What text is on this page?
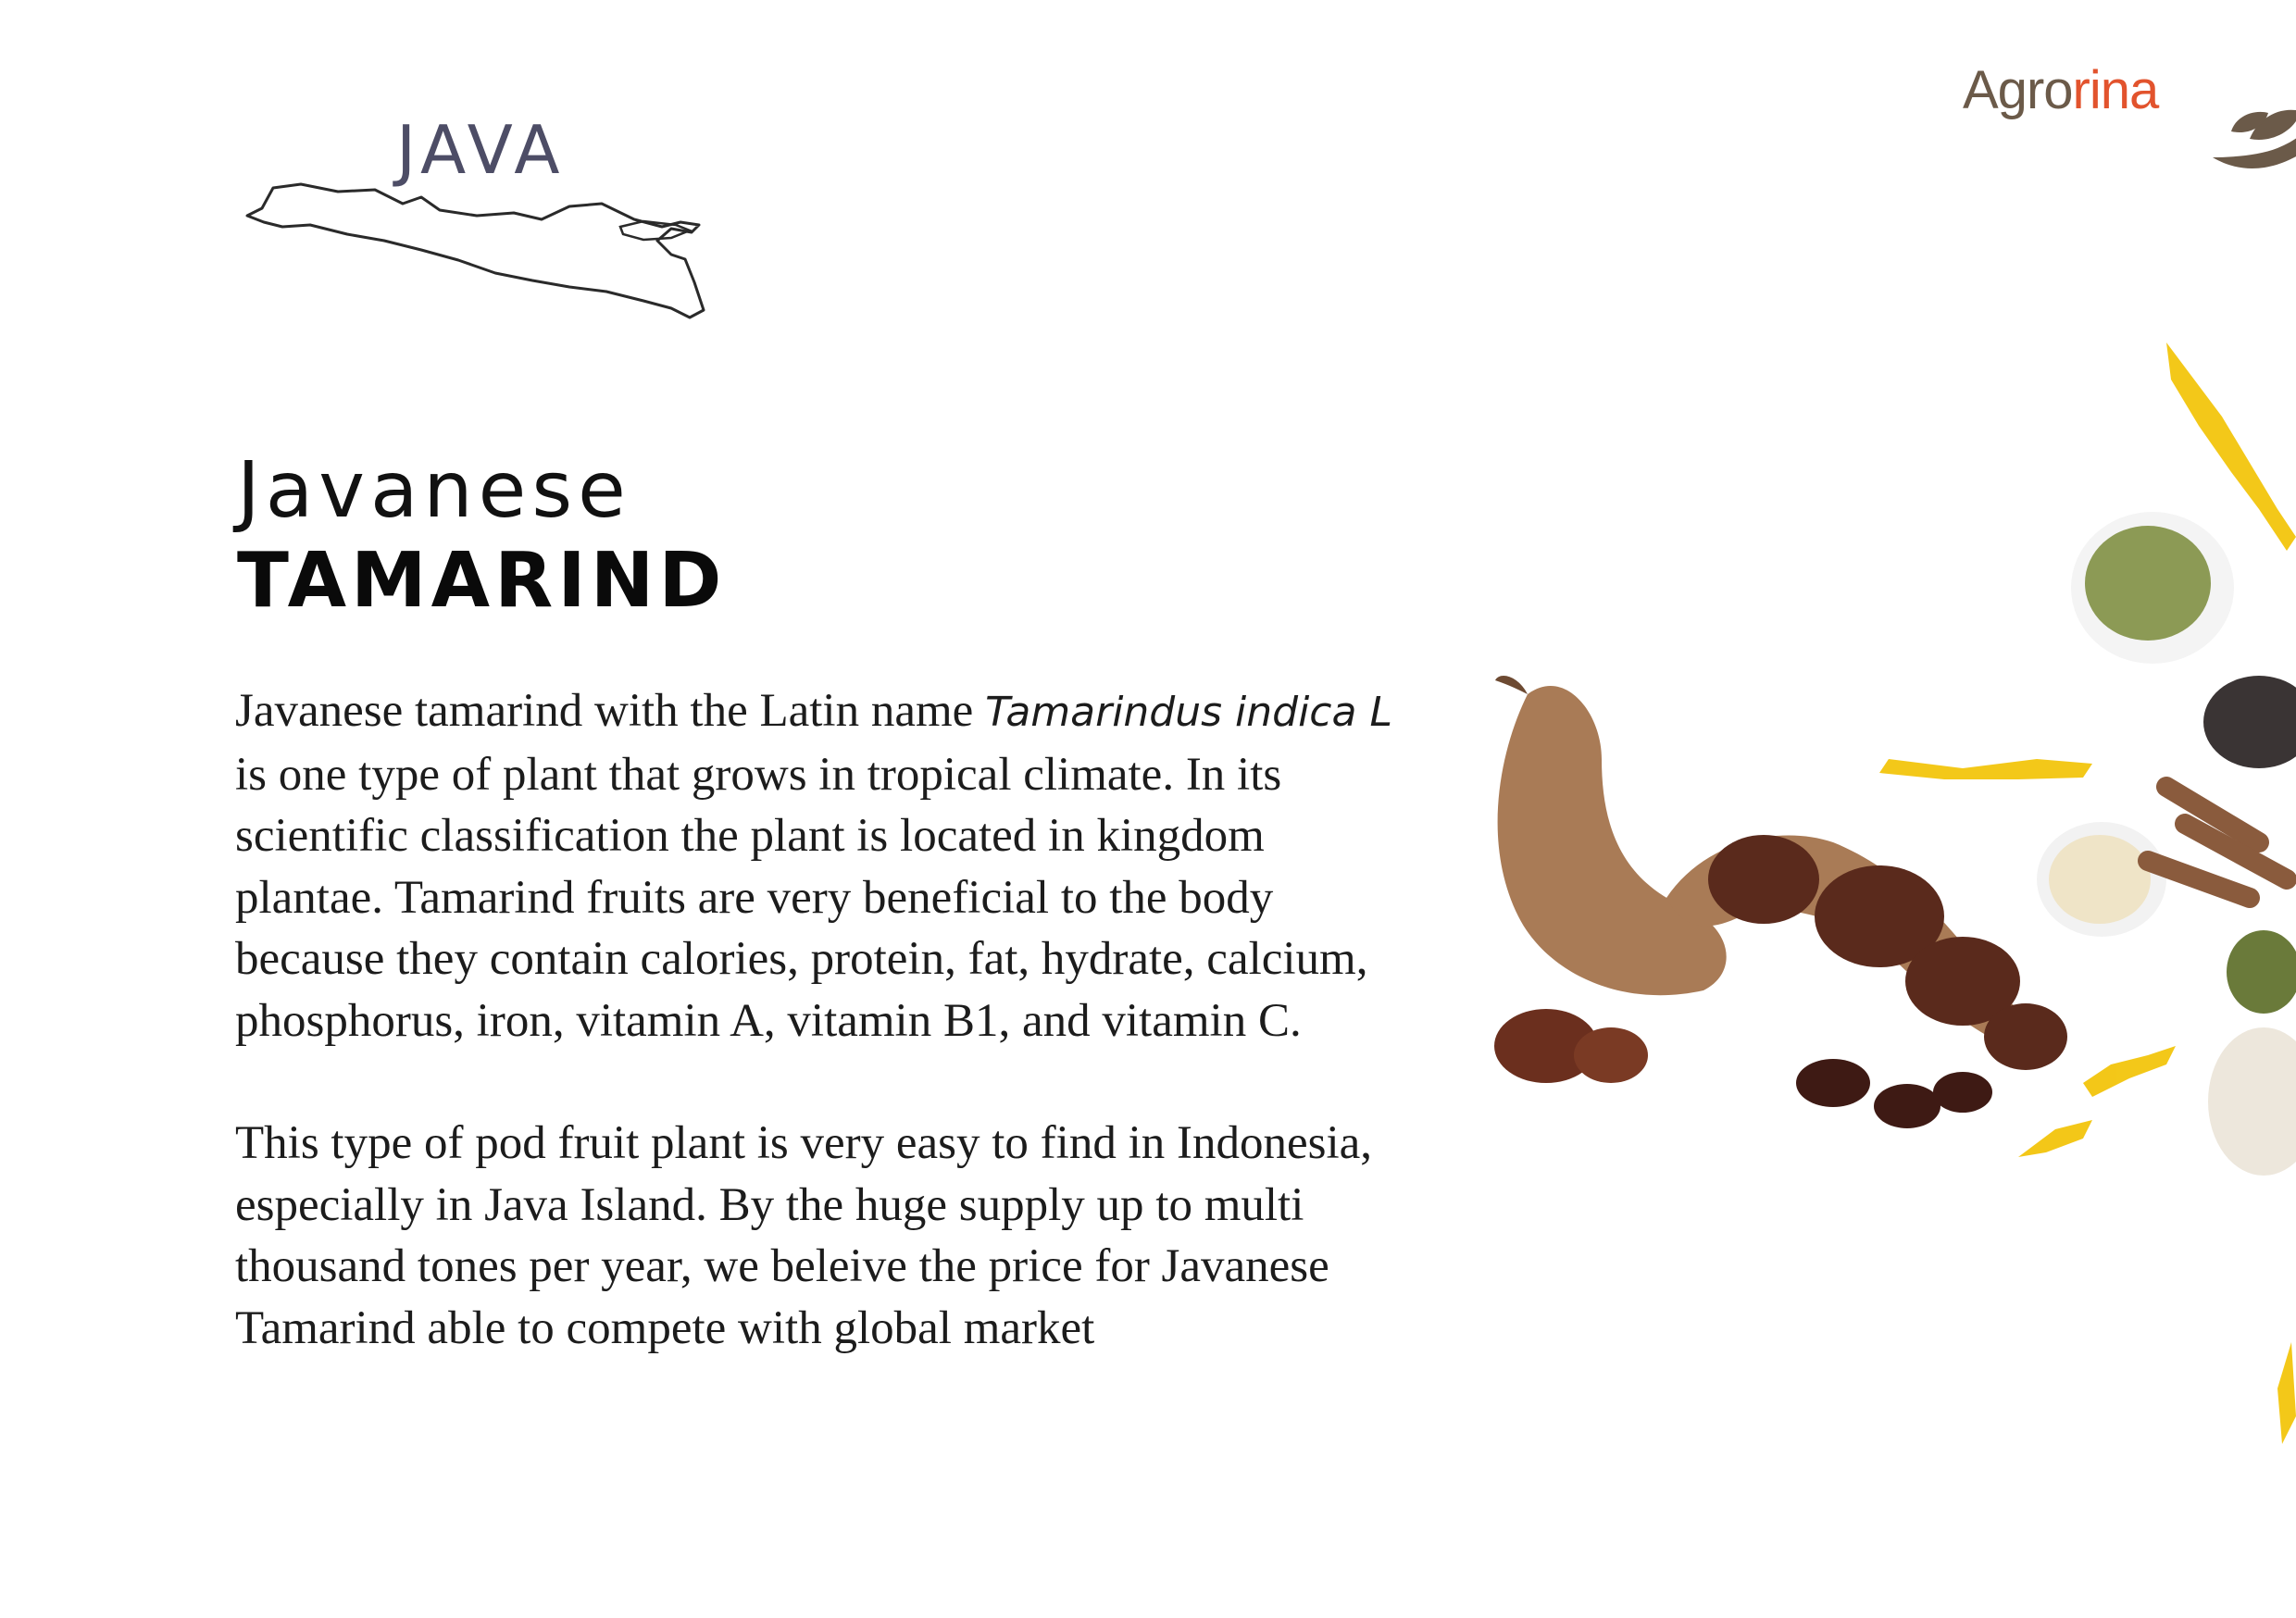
JAVA
Javanese
TAMARIND

Javanese tamarind with the Latin name Tamarindus indica L is one type of plant that grows in tropical climate. In its scientific classification the plant is located in kingdom plantae. Tamarind fruits are very beneficial to the body because they contain calories, protein, fat, hydrate, calcium, phosphorus, iron, vitamin A, vitamin B1, and vitamin C.

This type of pod fruit plant is very easy to find in Indonesia, especially in Java Island. By the huge supply up to multi thousand tones per year, we beleive the price for Javanese Tamarind able to compete with global market

Agrorina
